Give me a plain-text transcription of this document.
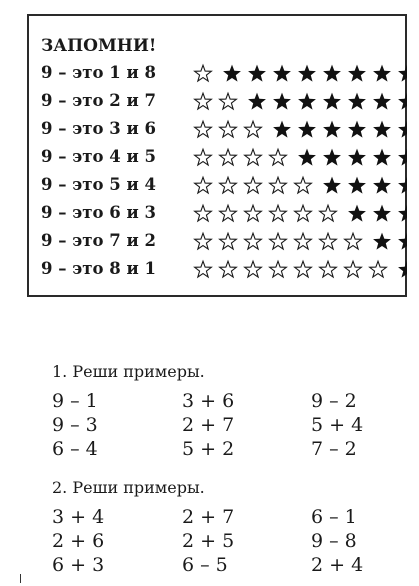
ЗАПОМНИ!
9 – это 1 и 8
9 – это 2 и 7
9 – это 3 и 6
9 – это 4 и 5
9 – это 5 и 4
9 – это 6 и 3
9 – это 7 и 2
9 – это 8 и 1
1. Реши примеры.
9 – 1	3 + 6	9 – 2
9 – 3	2 + 7	5 + 4
6 – 4	5 + 2	7 – 2
2. Реши примеры.
3 + 4	2 + 7	6 – 1
2 + 6	2 + 5	9 – 8
6 + 3	6 – 5	2 + 4
